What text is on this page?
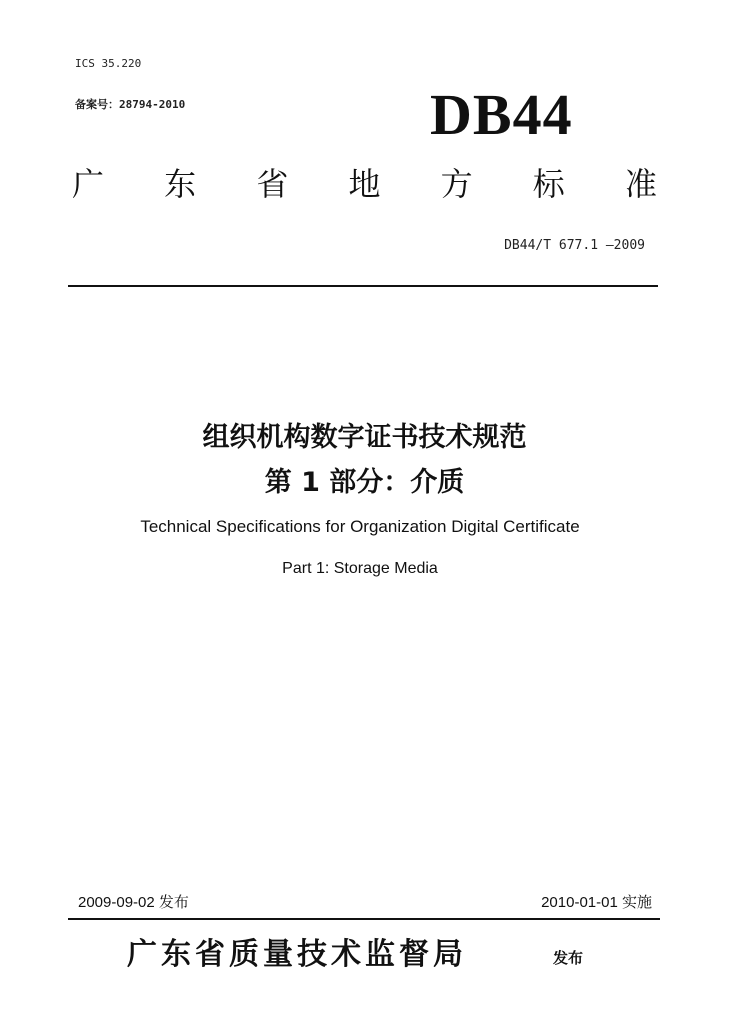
ICS 35.220
备案号：28794-2010	DB44
广 东 省 地 方 标 准
DB44/T 677.1 —2009
组织机构数字证书技术规范
第 1 部分：介质
Technical Specifications for Organization Digital Certificate
Part 1: Storage Media
2009-09-02 发布	2010-01-01 实施
广东省质量技术监督局	发布
